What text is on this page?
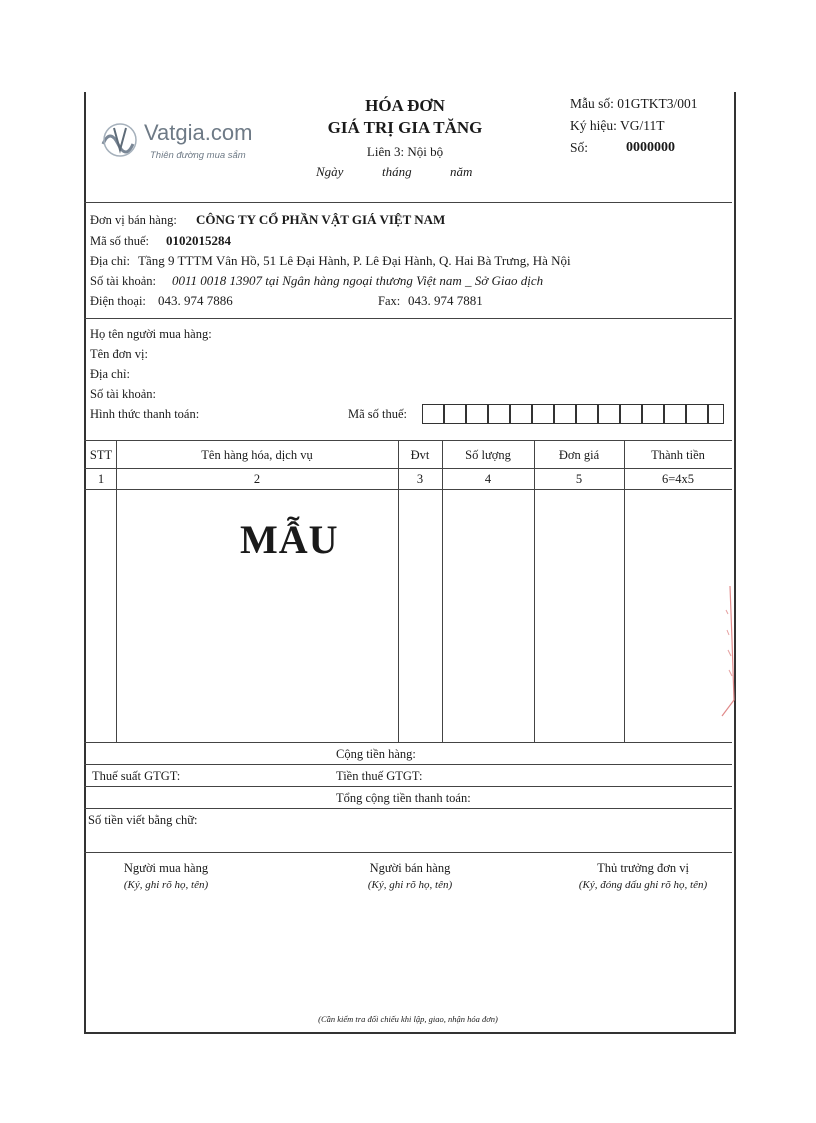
Vatgia.com
Thiên đường mua sắm
HÓA ĐƠN
GIÁ TRỊ GIA TĂNG
Liên 3: Nội bộ
Ngày	tháng	năm
Mẫu số: 01GTKT3/001
Ký hiệu: VG/11T
Số:	0000000
Đơn vị bán hàng: CÔNG TY CỔ PHẦN VẬT GIÁ VIỆT NAM
Mã số thuế: 0102015284
Địa chỉ: Tầng 9 TTTM Vân Hồ, 51 Lê Đại Hành, P. Lê Đại Hành, Q. Hai Bà Trưng, Hà Nội
Số tài khoản: 0011 0018 13907 tại Ngân hàng ngoại thương Việt nam _ Sở Giao dịch
Điện thoại: 043. 974 7886	Fax: 043. 974 7881
Họ tên người mua hàng:
Tên đơn vị:
Địa chỉ:
Số tài khoản:
Hình thức thanh toán:	Mã số thuế:
STT	Tên hàng hóa, dịch vụ	Đvt	Số lượng	Đơn giá	Thành tiền
1	2	3	4	5	6=4x5
MẪU
Cộng tiền hàng:
Thuế suất GTGT:	Tiền thuế GTGT:
Tổng cộng tiền thanh toán:
Số tiền viết bằng chữ:
Người mua hàng
(Ký, ghi rõ họ, tên)
Người bán hàng
(Ký, ghi rõ họ, tên)
Thủ trưởng đơn vị
(Ký, đóng dấu ghi rõ họ, tên)
(Cần kiểm tra đối chiếu khi lập, giao, nhận hóa đơn)
